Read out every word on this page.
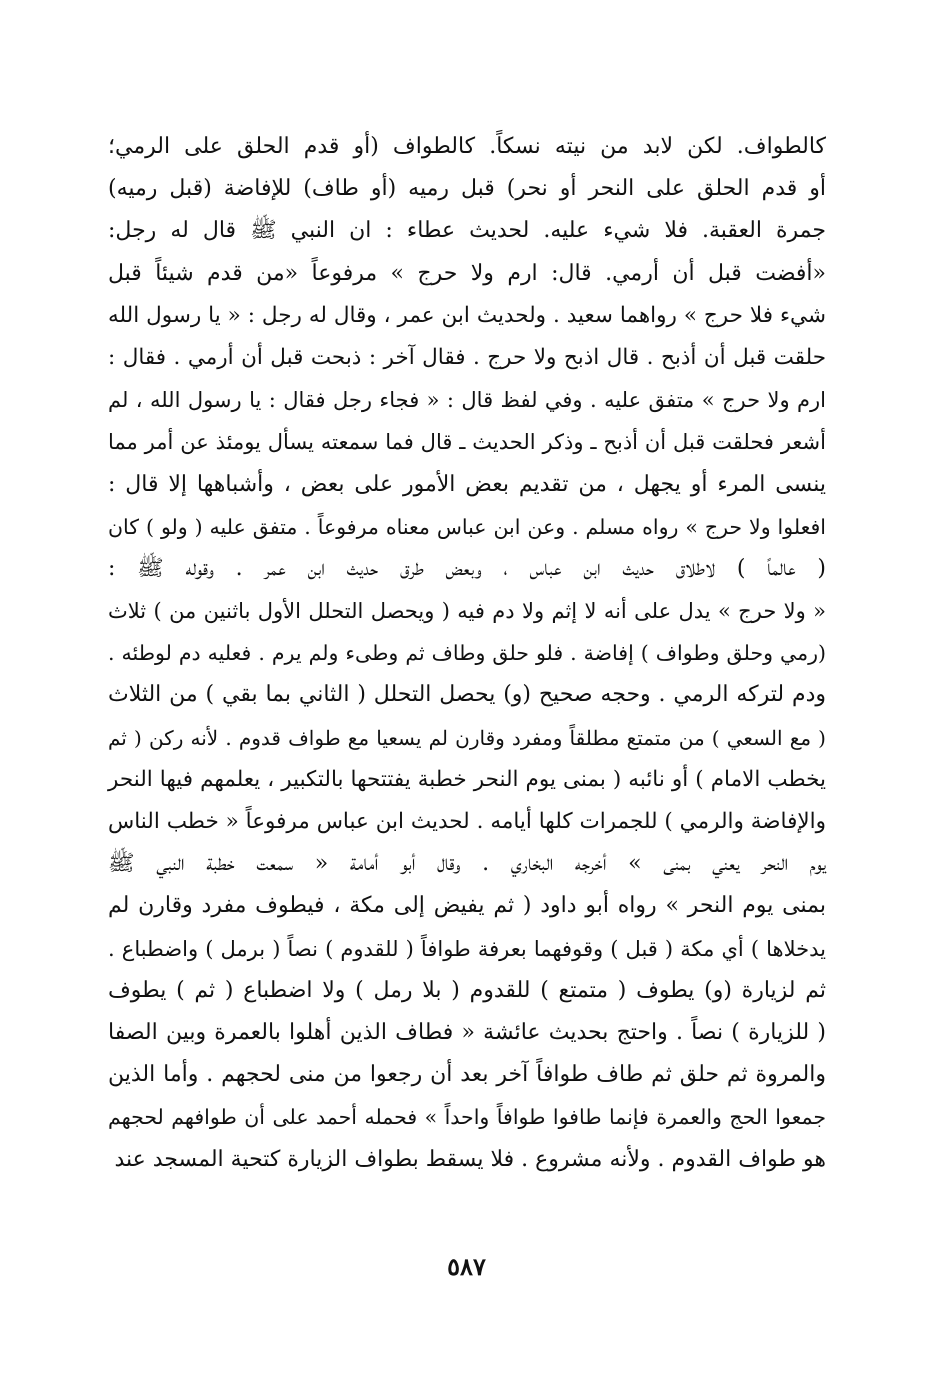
كالطواف. لكن لابد من نيته نسكاً. كالطواف (أو قدم الحلق على الرمي؛
أو قدم الحلق على النحر أو نحر) قبل رميه (أو طاف) للإفاضة (قبل رميه)
جمرة العقبة. فلا شيء عليه. لحديث عطاء : ان النبي ﷺ قال له رجل:
«أفضت قبل أن أرمي. قال: ارم ولا حرج » مرفوعاً «من قدم شيئاً قبل
شيء فلا حرج » رواهما سعيد . ولحديث ابن عمر ، وقال له رجل : « يا رسول الله
حلقت قبل أن أذبح . قال اذبح ولا حرج . فقال آخر : ذبحت قبل أن أرمي . فقال :
ارم ولا حرج » متفق عليه . وفي لفظ قال : « فجاء رجل فقال : يا رسول الله ، لم
أشعر فحلقت قبل أن أذبح ـ وذكر الحديث ـ قال فما سمعته يسأل يومئذ عن أمر مما
ينسى المرء أو يجهل ، من تقديم بعض الأمور على بعض ، وأشباهها إلا قال :
افعلوا ولا حرج » رواه مسلم . وعن ابن عباس معناه مرفوعاً . متفق عليه ( ولو ) كان
( عالماً ) لاطلاق حديث ابن عباس ، وبعض طرق حديث ابن عمر . وقوله ﷺ :
« ولا حرج » يدل على أنه لا إثم ولا دم فيه ( ويحصل التحلل الأول باثنين من ) ثلاث
(رمي وحلق وطواف ) إفاضة . فلو حلق وطاف ثم وطىء ولم يرم . فعليه دم لوطئه .
ودم لتركه الرمي . وحجه صحيح (و) يحصل التحلل ( الثاني بما بقي ) من الثلاث
( مع السعي ) من متمتع مطلقاً ومفرد وقارن لم يسعيا مع طواف قدوم . لأنه ركن ( ثم
يخطب الامام ) أو نائبه ( بمنى يوم النحر خطبة يفتتحها بالتكبير ، يعلمهم فيها النحر
والإفاضة والرمي ) للجمرات كلها أيامه . لحديث ابن عباس مرفوعاً « خطب الناس
يوم النحر يعني بمنى » أخرجه البخاري . وقال أبو أمامة « سمعت خطبة النبي ﷺ
بمنى يوم النحر » رواه أبو داود ( ثم يفيض إلى مكة ، فيطوف مفرد وقارن لم
يدخلاها ) أي مكة ( قبل ) وقوفهما بعرفة طوافاً ( للقدوم ) نصاً ( برمل ) واضطباع .
ثم لزيارة (و) يطوف ( متمتع ) للقدوم ( بلا رمل ) ولا اضطباع ( ثم ) يطوف
( للزيارة ) نصاً . واحتج بحديث عائشة « فطاف الذين أهلوا بالعمرة وبين الصفا
والمروة ثم حلق ثم طاف طوافاً آخر بعد أن رجعوا من منى لحجهم . وأما الذين
جمعوا الحج والعمرة فإنما طافوا طوافاً واحداً » فحمله أحمد على أن طوافهم لحجهم
هو طواف القدوم . ولأنه مشروع . فلا يسقط بطواف الزيارة كتحية المسجد عند
٥٨٧
